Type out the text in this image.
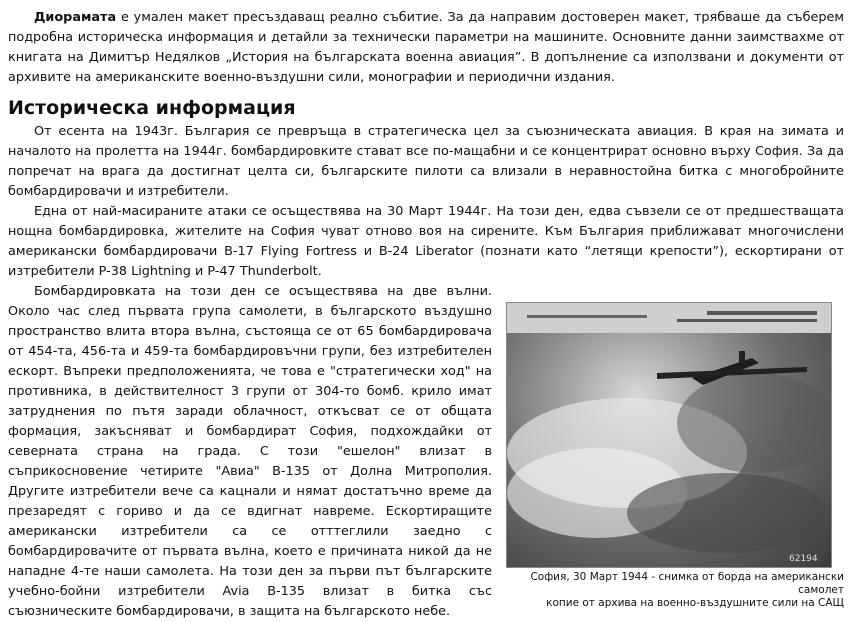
Диорамата е умален макет пресъздаващ реално събитие. За да направим достоверен макет, трябваше да съберем подробна историческа информация и детайли за технически параметри на машините. Основните данни заимствахме от книгата на Димитър Недялков „История на българската военна авиация”. В допълнение са използвани и документи от архивите на американските военно-въздушни сили, монографии и периодични издания.

Историческа информация

От есента на 1943г. България се превръща в стратегическа цел за съюзническата авиация. В края на зимата и началото на пролетта на 1944г. бомбардировките стават все по-мащабни и се концентрират основно върху София. За да попречат на врага да достигнат целта си, българските пилоти са влизали в неравностойна битка с многобройните бомбардировачи и изтребители.

Една от най-масираните атаки се осъществява на 30 Март 1944г. На този ден, едва съвзели се от предшестващата нощна бомбардировка, жителите на София чуват отново воя на сирените. Към България приближават многочислени американски бомбардировачи B-17 Flying Fortress и B-24 Liberator (познати като “летящи крепости”), ескортирани от изтребители P-38 Lightning и P-47 Thunderbolt.

62194
София, 30 Март 1944 - снимка от борда на американски самолет
копие от архива на военно-въздушните сили на САЩ

Бомбардировката на този ден се осъществява на две вълни. Около час след първата група самолети, в българското въздушно пространство влита втора вълна, състояща се от 65 бомбардировача от 454-та, 456-та и 459-та бомбардировъчни групи, без изтребителен ескорт. Въпреки предположенията, че това е "стратегически ход" на противника, в действителност 3 групи от 304-то бомб. крило имат затруднения по пътя заради облачност, откъсват се от общата формация, закъсняват и бомбардират София, подхождайки от северната страна на града. С този "ешелон" влизат в съприкосновение четирите "Авиа" B-135 от Долна Митрополия. Другите изтребители вече са кацнали и нямат достатъчно време да презаредят с гориво и да се вдигнат навреме. Ескортиращите американски изтребители са се отттеглили заедно с бомбардировачите от първата вълна, което е причината никой да не нападне 4-те наши самолета. На този ден за първи път българските учебно-бойни изтребители Avia B-135 влизат в битка със съюзническите бомбардировачи, в защита на българското небе.
